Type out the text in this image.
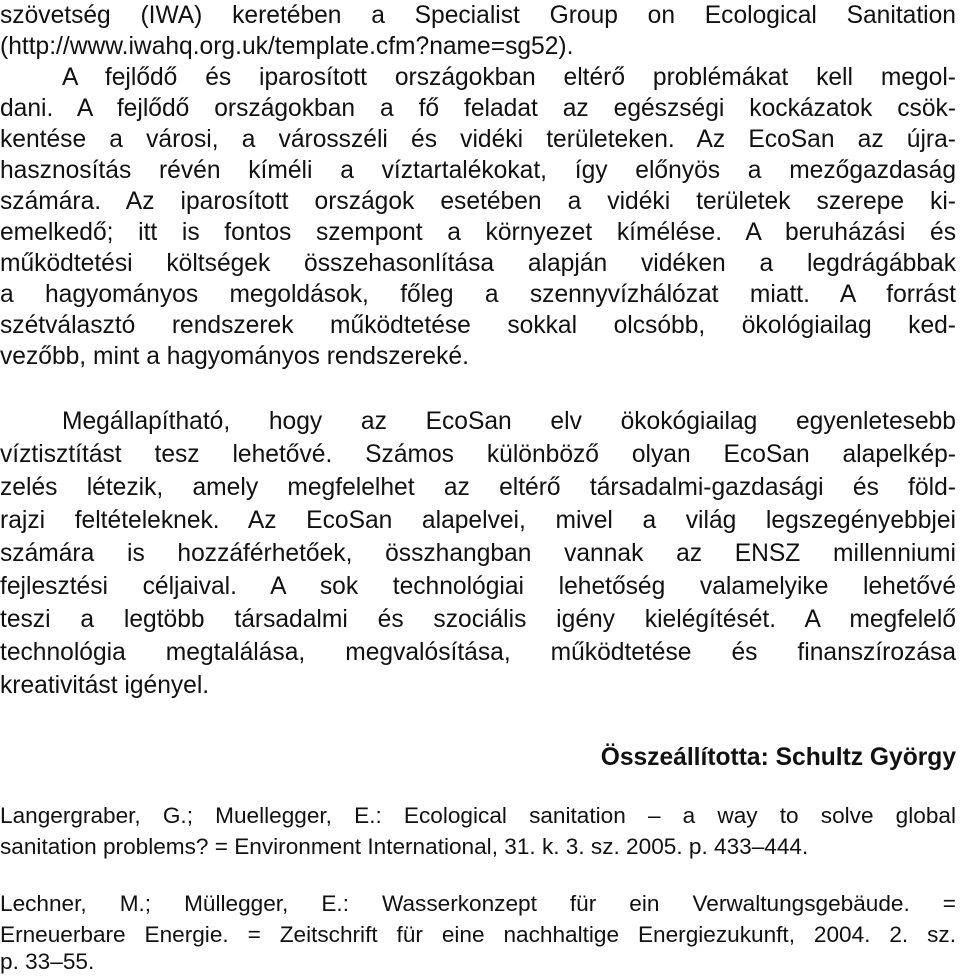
szövetség (IWA) keretében a Specialist Group on Ecological Sanitation
(http://www.iwahq.org.uk/template.cfm?name=sg52).
A fejlődő és iparosított országokban eltérő problémákat kell megol-
dani. A fejlődő országokban a fő feladat az egészségi kockázatok csök-
kentése a városi, a városszéli és vidéki területeken. Az EcoSan az újra-
hasznosítás révén kíméli a víztartalékokat, így előnyös a mezőgazdaság
számára. Az iparosított országok esetében a vidéki területek szerepe ki-
emelkedő; itt is fontos szempont a környezet kímélése. A beruházási és
működtetési költségek összehasonlítása alapján vidéken a legdrágábbak
a hagyományos megoldások, főleg a szennyvízhálózat miatt. A forrást
szétválasztó rendszerek működtetése sokkal olcsóbb, ökológiailag ked-
vezőbb, mint a hagyományos rendszereké.
Megállapítható, hogy az EcoSan elv ökokógiailag egyenletesebb
víztisztítást tesz lehetővé. Számos különböző olyan EcoSan alapelkép-
zelés létezik, amely megfelelhet az eltérő társadalmi-gazdasági és föld-
rajzi feltételeknek. Az EcoSan alapelvei, mivel a világ legszegényebbjei
számára is hozzáférhetőek, összhangban vannak az ENSZ millenniumi
fejlesztési céljaival. A sok technológiai lehetőség valamelyike lehetővé
teszi a legtöbb társadalmi és szociális igény kielégítését. A megfelelő
technológia megtalálása, megvalósítása, működtetése és finanszírozása
kreativitást igényel.
Összeállította: Schultz György
Langergraber, G.; Muellegger, E.: Ecological sanitation – a way to solve global
sanitation problems? = Environment International, 31. k. 3. sz. 2005. p. 433–444.
Lechner, M.; Müllegger, E.: Wasserkonzept für ein Verwaltungsgebäude. =
Erneuerbare Energie. = Zeitschrift für eine nachhaltige Energiezukunft, 2004. 2. sz.
p. 33–55.
